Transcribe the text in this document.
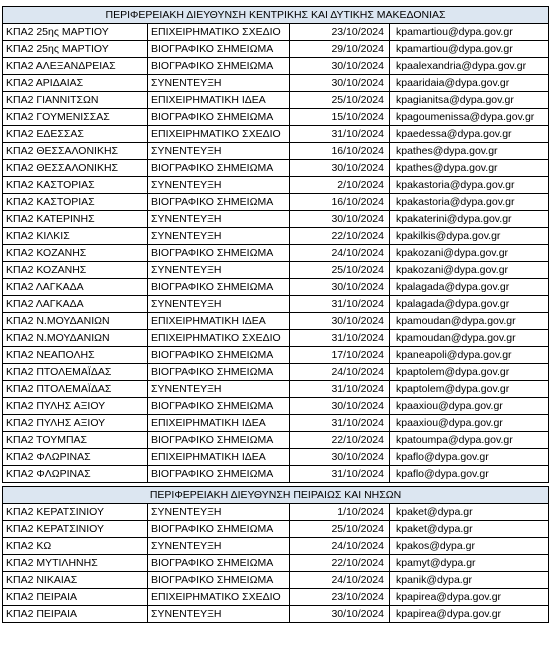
ΠΕΡΙΦΕΡΕΙΑΚΗ ΔΙΕΥΘΥΝΣΗ ΚΕΝΤΡΙΚΗΣ ΚΑΙ ΔΥΤΙΚΗΣ ΜΑΚΕΔΟΝΙΑΣ			
ΚΠΑ2 25ης ΜΑΡΤΙΟΥ	ΕΠΙΧΕΙΡΗΜΑΤΙΚΟ ΣΧΕΔΙΟ	23/10/2024	kpamartiou@dypa.gov.gr
ΚΠΑ2 25ης ΜΑΡΤΙΟΥ	ΒΙΟΓΡΑΦΙΚΟ ΣΗΜΕΙΩΜΑ	29/10/2024	kpamartiou@dypa.gov.gr
ΚΠΑ2 ΑΛΕΞΑΝΔΡΕΙΑΣ	ΒΙΟΓΡΑΦΙΚΟ ΣΗΜΕΙΩΜΑ	30/10/2024	kpaalexandria@dypa.gov.gr
ΚΠΑ2 ΑΡΙΔΑΙΑΣ	ΣΥΝΕΝΤΕΥΞΗ	30/10/2024	kpaaridaia@dypa.gov.gr
ΚΠΑ2 ΓΙΑΝΝΙΤΣΩΝ	ΕΠΙΧΕΙΡΗΜΑΤΙΚΗ ΙΔΕΑ	25/10/2024	kpagianitsa@dypa.gov.gr
ΚΠΑ2 ΓΟΥΜΕΝΙΣΣΑΣ	ΒΙΟΓΡΑΦΙΚΟ ΣΗΜΕΙΩΜΑ	15/10/2024	kpagoumenissa@dypa.gov.gr
ΚΠΑ2 ΕΔΕΣΣΑΣ	ΕΠΙΧΕΙΡΗΜΑΤΙΚΟ ΣΧΕΔΙΟ	31/10/2024	kpaedessa@dypa.gov.gr
ΚΠΑ2 ΘΕΣΣΑΛΟΝΙΚΗΣ	ΣΥΝΕΝΤΕΥΞΗ	16/10/2024	kpathes@dypa.gov.gr
ΚΠΑ2 ΘΕΣΣΑΛΟΝΙΚΗΣ	ΒΙΟΓΡΑΦΙΚΟ ΣΗΜΕΙΩΜΑ	30/10/2024	kpathes@dypa.gov.gr
ΚΠΑ2 ΚΑΣΤΟΡΙΑΣ	ΣΥΝΕΝΤΕΥΞΗ	2/10/2024	kpakastoria@dypa.gov.gr
ΚΠΑ2 ΚΑΣΤΟΡΙΑΣ	ΒΙΟΓΡΑΦΙΚΟ ΣΗΜΕΙΩΜΑ	16/10/2024	kpakastoria@dypa.gov.gr
ΚΠΑ2 ΚΑΤΕΡΙΝΗΣ	ΣΥΝΕΝΤΕΥΞΗ	30/10/2024	kpakaterini@dypa.gov.gr
ΚΠΑ2 ΚΙΛΚΙΣ	ΣΥΝΕΝΤΕΥΞΗ	22/10/2024	kpakilkis@dypa.gov.gr
ΚΠΑ2 ΚΟΖΑΝΗΣ	ΒΙΟΓΡΑΦΙΚΟ ΣΗΜΕΙΩΜΑ	24/10/2024	kpakozani@dypa.gov.gr
ΚΠΑ2 ΚΟΖΑΝΗΣ	ΣΥΝΕΝΤΕΥΞΗ	25/10/2024	kpakozani@dypa.gov.gr
ΚΠΑ2 ΛΑΓΚΑΔΑ	ΒΙΟΓΡΑΦΙΚΟ ΣΗΜΕΙΩΜΑ	30/10/2024	kpalagada@dypa.gov.gr
ΚΠΑ2 ΛΑΓΚΑΔΑ	ΣΥΝΕΝΤΕΥΞΗ	31/10/2024	kpalagada@dypa.gov.gr
ΚΠΑ2 Ν.ΜΟΥΔΑΝΙΩΝ	ΕΠΙΧΕΙΡΗΜΑΤΙΚΗ ΙΔΕΑ	30/10/2024	kpamoudan@dypa.gov.gr
ΚΠΑ2 Ν.ΜΟΥΔΑΝΙΩΝ	ΕΠΙΧΕΙΡΗΜΑΤΙΚΟ ΣΧΕΔΙΟ	31/10/2024	kpamoudan@dypa.gov.gr
ΚΠΑ2 ΝΕΑΠΟΛΗΣ	ΒΙΟΓΡΑΦΙΚΟ ΣΗΜΕΙΩΜΑ	17/10/2024	kpaneapoli@dypa.gov.gr
ΚΠΑ2 ΠΤΟΛΕΜΑΪΔΑΣ	ΒΙΟΓΡΑΦΙΚΟ ΣΗΜΕΙΩΜΑ	24/10/2024	kpaptolem@dypa.gov.gr
ΚΠΑ2 ΠΤΟΛΕΜΑΪΔΑΣ	ΣΥΝΕΝΤΕΥΞΗ	31/10/2024	kpaptolem@dypa.gov.gr
ΚΠΑ2 ΠΥΛΗΣ ΑΞΙΟΥ	ΒΙΟΓΡΑΦΙΚΟ ΣΗΜΕΙΩΜΑ	30/10/2024	kpaaxiou@dypa.gov.gr
ΚΠΑ2 ΠΥΛΗΣ ΑΞΙΟΥ	ΕΠΙΧΕΙΡΗΜΑΤΙΚΗ ΙΔΕΑ	31/10/2024	kpaaxiou@dypa.gov.gr
ΚΠΑ2 ΤΟΥΜΠΑΣ	ΒΙΟΓΡΑΦΙΚΟ ΣΗΜΕΙΩΜΑ	22/10/2024	kpatoumpa@dypa.gov.gr
ΚΠΑ2 ΦΛΩΡΙΝΑΣ	ΕΠΙΧΕΙΡΗΜΑΤΙΚΗ ΙΔΕΑ	30/10/2024	kpaflo@dypa.gov.gr
ΚΠΑ2 ΦΛΩΡΙΝΑΣ	ΒΙΟΓΡΑΦΙΚΟ ΣΗΜΕΙΩΜΑ	31/10/2024	kpaflo@dypa.gov.gr

ΠΕΡΙΦΕΡΕΙΑΚΗ ΔΙΕΥΘΥΝΣΗ ΠΕΙΡΑΙΩΣ ΚΑΙ ΝΗΣΩΝ			
ΚΠΑ2 ΚΕΡΑΤΣΙΝΙΟΥ	ΣΥΝΕΝΤΕΥΞΗ	1/10/2024	kpaket@dypa.gr
ΚΠΑ2 ΚΕΡΑΤΣΙΝΙΟΥ	ΒΙΟΓΡΑΦΙΚΟ ΣΗΜΕΙΩΜΑ	25/10/2024	kpaket@dypa.gr
ΚΠΑ2 ΚΩ	ΣΥΝΕΝΤΕΥΞΗ	24/10/2024	kpakos@dypa.gr
ΚΠΑ2 ΜΥΤΙΛΗΝΗΣ	ΒΙΟΓΡΑΦΙΚΟ ΣΗΜΕΙΩΜΑ	22/10/2024	kpamyt@dypa.gr
ΚΠΑ2 ΝΙΚΑΙΑΣ	ΒΙΟΓΡΑΦΙΚΟ ΣΗΜΕΙΩΜΑ	24/10/2024	kpanik@dypa.gr
ΚΠΑ2 ΠΕΙΡΑΙΑ	ΕΠΙΧΕΙΡΗΜΑΤΙΚΟ ΣΧΕΔΙΟ	23/10/2024	kpapirea@dypa.gov.gr
ΚΠΑ2 ΠΕΙΡΑΙΑ	ΣΥΝΕΝΤΕΥΞΗ	30/10/2024	kpapirea@dypa.gov.gr
